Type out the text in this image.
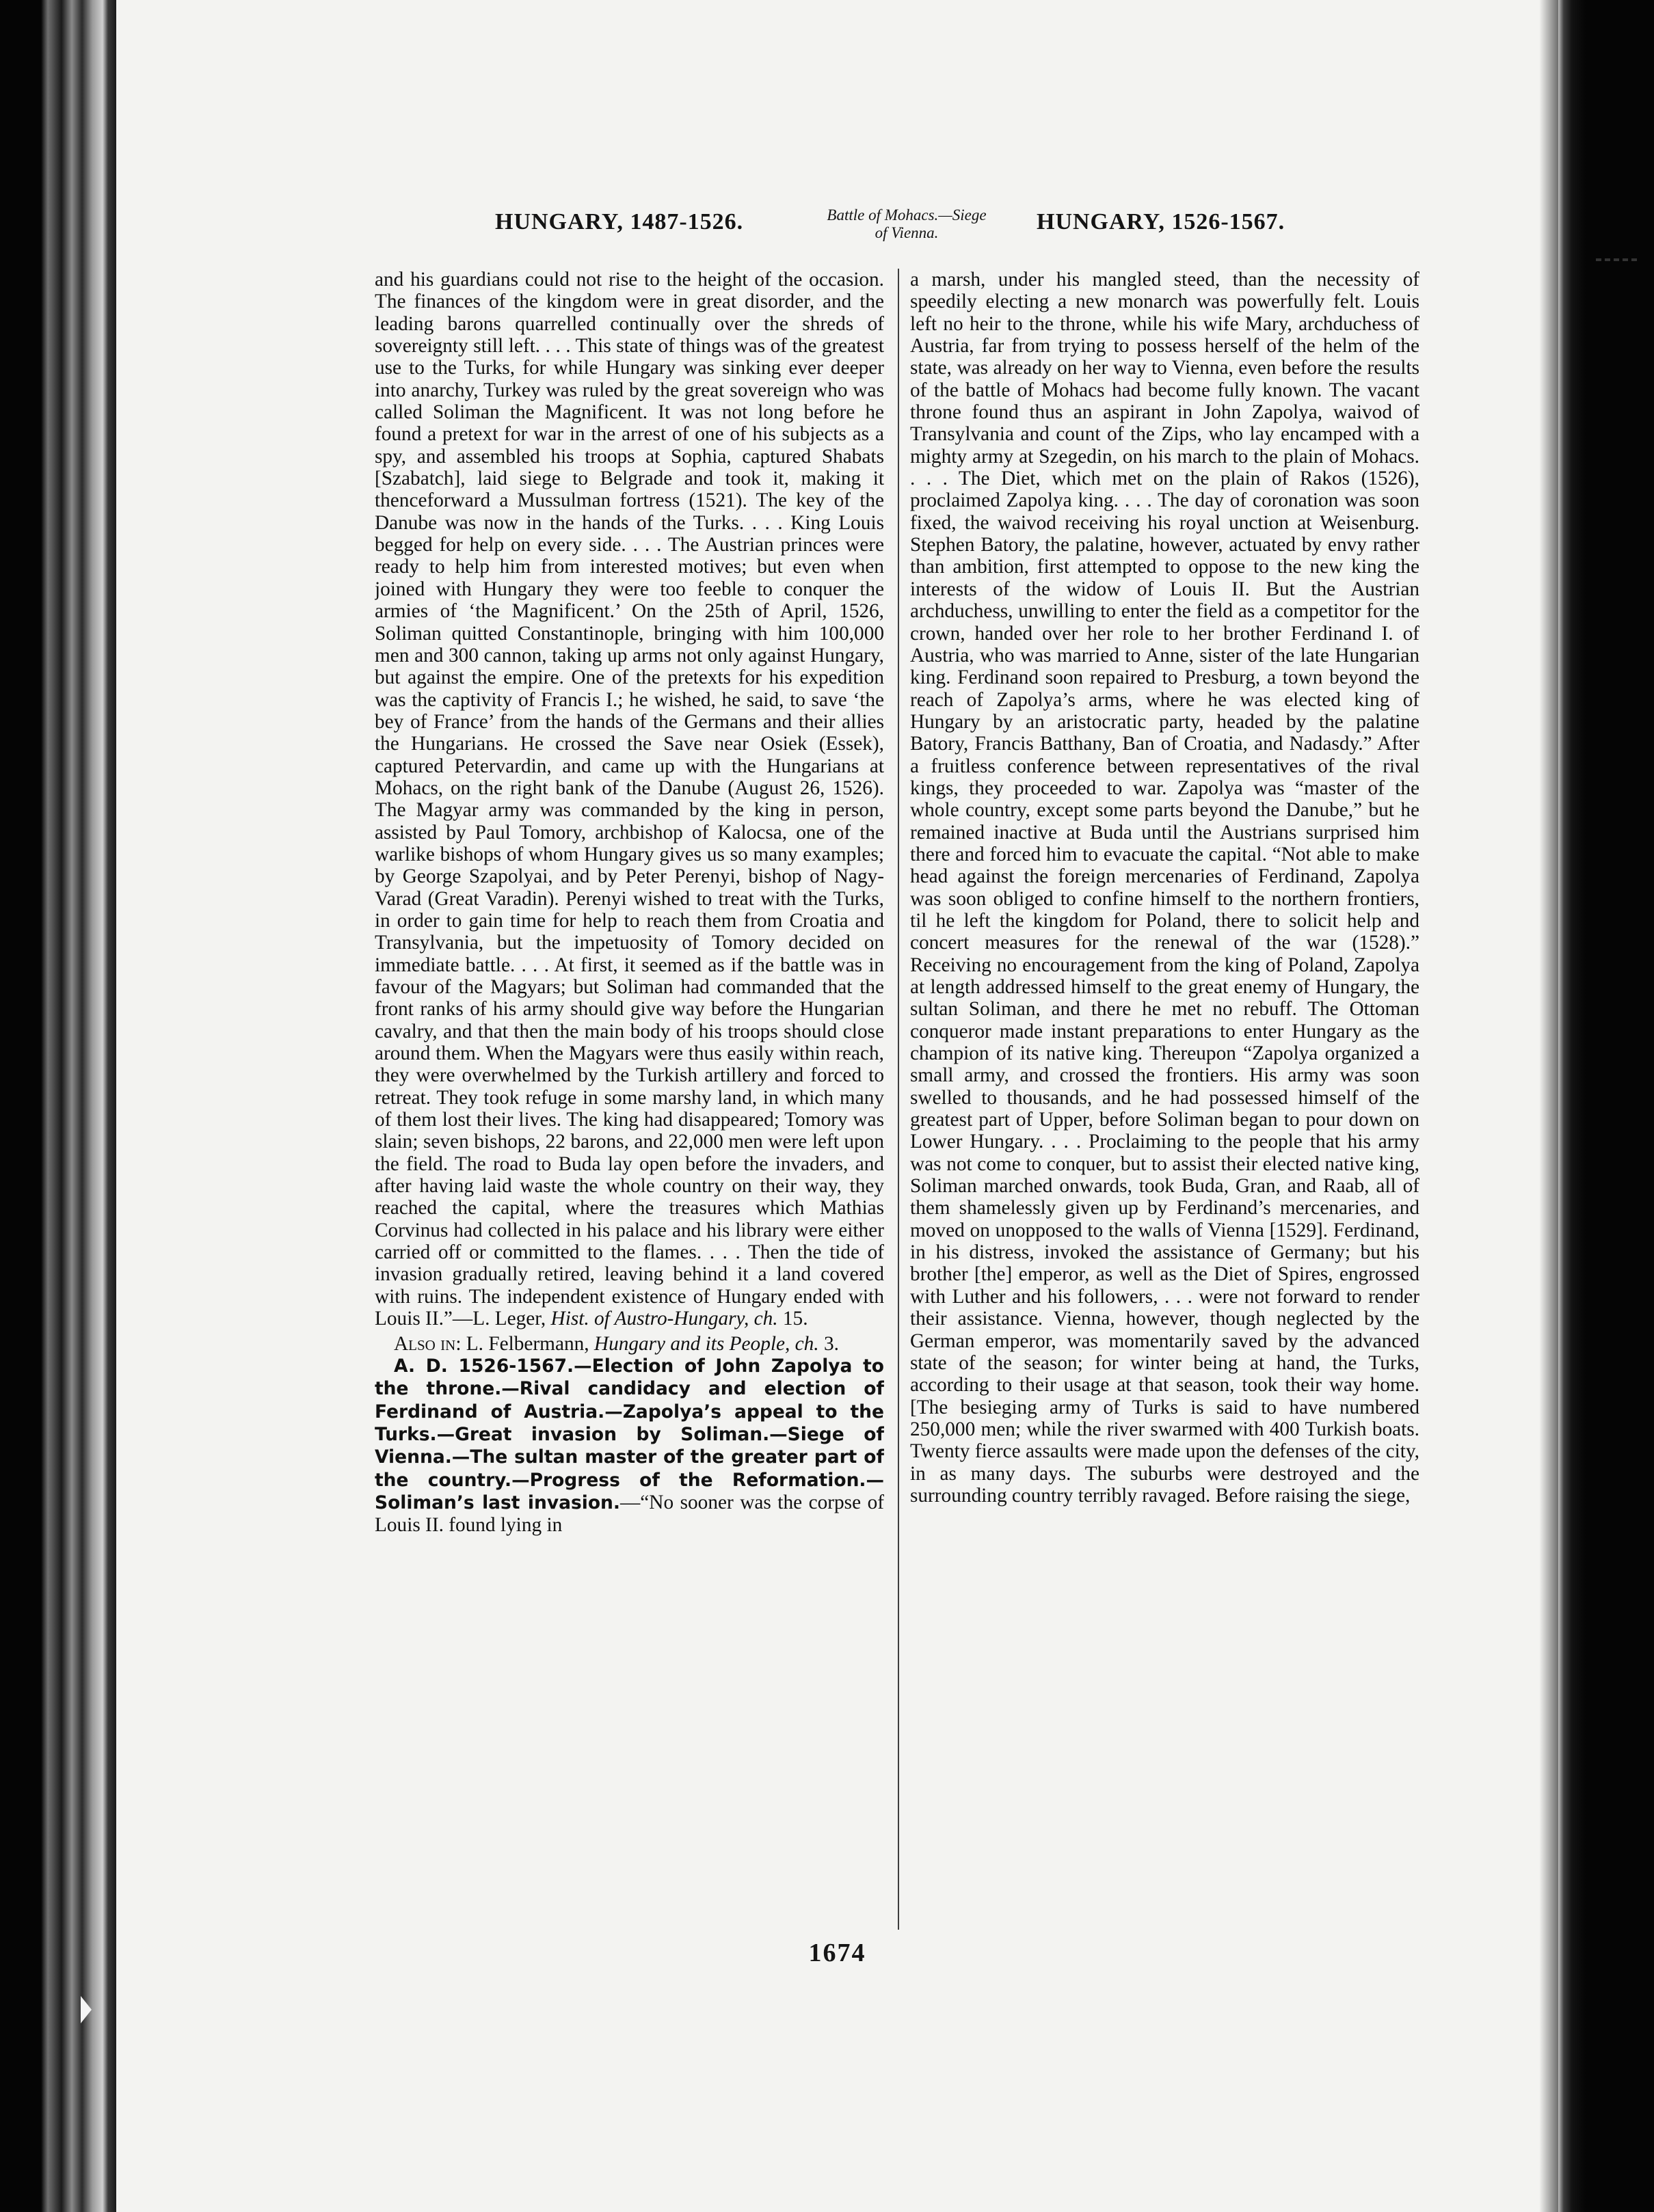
HUNGARY, 1487-1526.	Battle of Mohacs.—Siege
of Vienna.	HUNGARY, 1526-1567.

and his guardians could not rise to the height of the occasion. The finances of the kingdom were in great disorder, and the leading barons quarrelled continually over the shreds of sovereignty still left. . . . This state of things was of the greatest use to the Turks, for while Hungary was sinking ever deeper into anarchy, Turkey was ruled by the great sovereign who was called Soliman the Magnificent. It was not long before he found a pretext for war in the arrest of one of his subjects as a spy, and assembled his troops at Sophia, captured Shabats [Szabatch], laid siege to Belgrade and took it, making it thenceforward a Mussulman fortress (1521). The key of the Danube was now in the hands of the Turks. . . . King Louis begged for help on every side. . . . The Austrian princes were ready to help him from interested motives; but even when joined with Hungary they were too feeble to conquer the armies of ‘the Magnificent.’ On the 25th of April, 1526, Soliman quitted Constantinople, bringing with him 100,000 men and 300 cannon, taking up arms not only against Hungary, but against the empire. One of the pretexts for his expedition was the captivity of Francis I.; he wished, he said, to save ‘the bey of France’ from the hands of the Germans and their allies the Hungarians. He crossed the Save near Osiek (Essek), captured Petervardin, and came up with the Hungarians at Mohacs, on the right bank of the Danube (August 26, 1526). The Magyar army was commanded by the king in person, assisted by Paul Tomory, archbishop of Kalocsa, one of the warlike bishops of whom Hungary gives us so many examples; by George Szapolyai, and by Peter Perenyi, bishop of Nagy-Varad (Great Varadin). Perenyi wished to treat with the Turks, in order to gain time for help to reach them from Croatia and Transylvania, but the impetuosity of Tomory decided on immediate battle. . . . At first, it seemed as if the battle was in favour of the Magyars; but Soliman had commanded that the front ranks of his army should give way before the Hungarian cavalry, and that then the main body of his troops should close around them. When the Magyars were thus easily within reach, they were overwhelmed by the Turkish artillery and forced to retreat. They took refuge in some marshy land, in which many of them lost their lives. The king had disappeared; Tomory was slain; seven bishops, 22 barons, and 22,000 men were left upon the field. The road to Buda lay open before the invaders, and after having laid waste the whole country on their way, they reached the capital, where the treasures which Mathias Corvinus had collected in his palace and his library were either carried off or committed to the flames. . . . Then the tide of invasion gradually retired, leaving behind it a land covered with ruins. The independent existence of Hungary ended with Louis II.”—L. Leger, Hist. of Austro-Hungary, ch. 15.

Also in: L. Felbermann, Hungary and its People, ch. 3.

A. D. 1526-1567.—Election of John Zapolya to the throne.—Rival candidacy and election of Ferdinand of Austria.—Zapolya’s appeal to the Turks.—Great invasion by Soliman.—Siege of Vienna.—The sultan master of the greater part of the country.—Progress of the Reformation.—Soliman’s last invasion.—“No sooner was the corpse of Louis II. found lying in

a marsh, under his mangled steed, than the necessity of speedily electing a new monarch was powerfully felt. Louis left no heir to the throne, while his wife Mary, archduchess of Austria, far from trying to possess herself of the helm of the state, was already on her way to Vienna, even before the results of the battle of Mohacs had become fully known. The vacant throne found thus an aspirant in John Zapolya, waivod of Transylvania and count of the Zips, who lay encamped with a mighty army at Szegedin, on his march to the plain of Mohacs. . . . The Diet, which met on the plain of Rakos (1526), proclaimed Zapolya king. . . . The day of coronation was soon fixed, the waivod receiving his royal unction at Weisenburg. Stephen Batory, the palatine, however, actuated by envy rather than ambition, first attempted to oppose to the new king the interests of the widow of Louis II. But the Austrian archduchess, unwilling to enter the field as a competitor for the crown, handed over her role to her brother Ferdinand I. of Austria, who was married to Anne, sister of the late Hungarian king. Ferdinand soon repaired to Presburg, a town beyond the reach of Zapolya’s arms, where he was elected king of Hungary by an aristocratic party, headed by the palatine Batory, Francis Batthany, Ban of Croatia, and Nadasdy.” After a fruitless conference between representatives of the rival kings, they proceeded to war. Zapolya was “master of the whole country, except some parts beyond the Danube,” but he remained inactive at Buda until the Austrians surprised him there and forced him to evacuate the capital. “Not able to make head against the foreign mercenaries of Ferdinand, Zapolya was soon obliged to confine himself to the northern frontiers, til he left the kingdom for Poland, there to solicit help and concert measures for the renewal of the war (1528).” Receiving no encouragement from the king of Poland, Zapolya at length addressed himself to the great enemy of Hungary, the sultan Soliman, and there he met no rebuff. The Ottoman conqueror made instant preparations to enter Hungary as the champion of its native king. Thereupon “Zapolya organized a small army, and crossed the frontiers. His army was soon swelled to thousands, and he had possessed himself of the greatest part of Upper, before Soliman began to pour down on Lower Hungary. . . . Proclaiming to the people that his army was not come to conquer, but to assist their elected native king, Soliman marched onwards, took Buda, Gran, and Raab, all of them shamelessly given up by Ferdinand’s mercenaries, and moved on unopposed to the walls of Vienna [1529]. Ferdinand, in his distress, invoked the assistance of Germany; but his brother [the] emperor, as well as the Diet of Spires, engrossed with Luther and his followers, . . . were not forward to render their assistance. Vienna, however, though neglected by the German emperor, was momentarily saved by the advanced state of the season; for winter being at hand, the Turks, according to their usage at that season, took their way home. [The besieging army of Turks is said to have numbered 250,000 men; while the river swarmed with 400 Turkish boats. Twenty fierce assaults were made upon the defenses of the city, in as many days. The suburbs were destroyed and the surrounding country terribly ravaged. Before raising the siege,

1674
